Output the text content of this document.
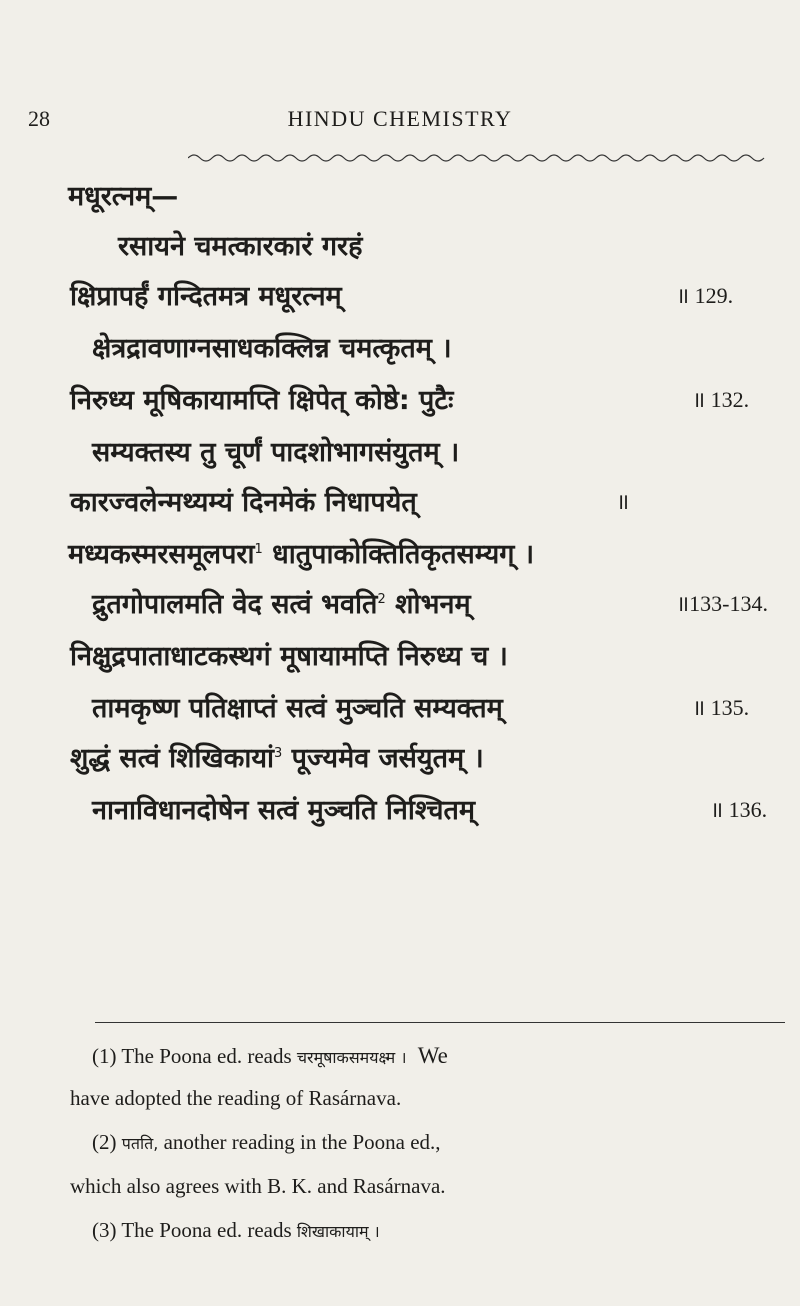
28	HINDU CHEMISTRY
मधूरत्नम्—
रसायने चमत्कारकारं गरहं
क्षिप्रापर्हं गन्दितमत्र मधूरत्नम्	॥ 129.
क्षेत्रद्रावणाग्नसाधकक्लिन्न चमत्कृतम् ।
निरुध्य मूषिकायामप्ति क्षिपेत् कोष्ठे: पुटैः	॥ 132.
सम्यक्तस्य तु चूर्णं पादशोभागसंयुतम् ।
कारज्वलेन्मथ्यम्यं दिनमेकं निधापयेत्	॥
मध्यकस्मरसमूलपरा$^1$ धातुपाकोक्तितिकृतसम्यग् ।
द्रुतगोपालमति वेद सत्वं भवति$^2$ शोभनम्	॥133-134.
निक्षुद्रपाताधाटकस्थगं मूषायामप्ति निरुध्य च ।
तामकृष्ण पतिक्षाप्तं सत्वं मुञ्चति सम्यक्तम्	॥ 135.
शुद्धं सत्वं शिखिकायां$^3$ पूज्यमेव जर्सयुतम् ।
नानाविधानदोषेन सत्वं मुञ्चति निश्चितम्	॥ 136.
(1) The Poona ed. reads चरमूषाकसमयक्ष्म । We
have adopted the reading of Rasárnava.
(2) पतति, another reading in the Poona ed.,
which also agrees with B. K. and Rasárnava.
(3) The Poona ed. reads शिखाकायाम् ।
